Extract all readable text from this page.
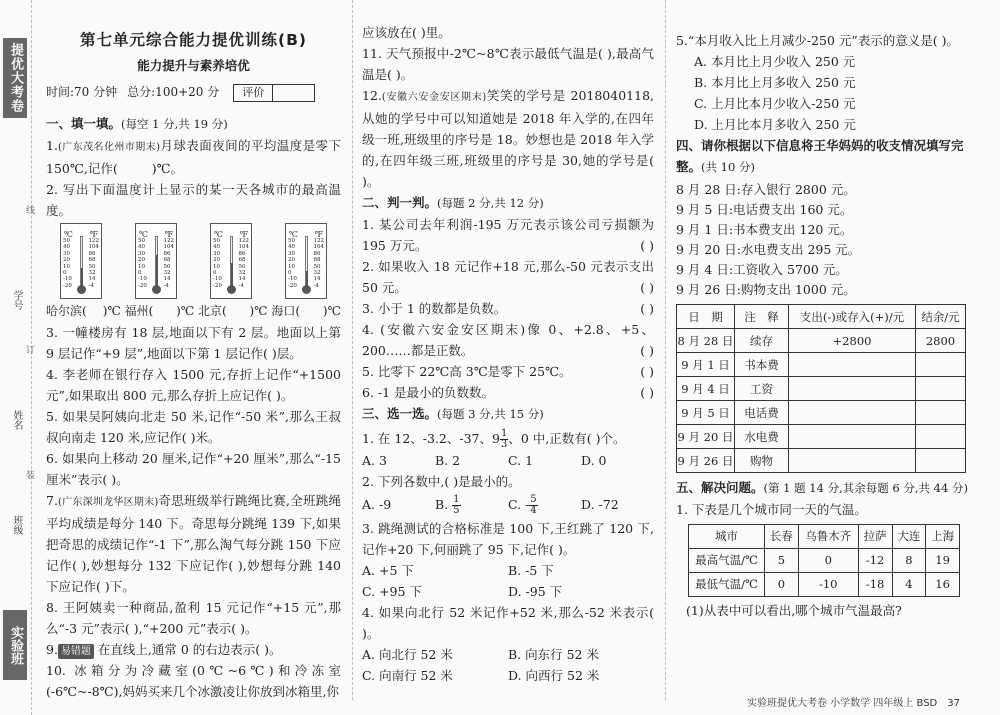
提优大考卷
学号
姓名
班级
线
订
装
实验班
第七单元综合能力提优训练(B)
能力提升与素养培优
时间:70 分钟 总分:100+20 分	评价
一、填一填。(每空 1 分,共 19 分)
1.(广东茂名化州市期末)月球表面夜间的平均温度是零下 150℃,记作(	)℃。
2. 写出下面温度计上显示的某一天各城市的最高温度。
℃ ℉
50
40
30
20
10
0
-10
-20
122
104
86
68
50
32
14
-4
℃ ℉
50
40
30
20
10
0
-10
-20
122
104
86
68
50
32
14
-4
℃ ℉
50
40
30
20
10
0
-10
-20
122
104
86
68
50
32
14
-4
℃ ℉
50
40
30
20
10
0
-10
-20
122
104
86
68
50
32
14
-4
哈尔滨( )℃ 福州( )℃ 北京( )℃ 海口( )℃
3. 一幢楼房有 18 层,地面以下有 2 层。地面以上第 9 层记作“+9 层”,地面以下第 1 层记作( )层。
4. 李老师在银行存入 1500 元,存折上记作“+1500 元”,如果取出 800 元,那么存折上应记作( )。
5. 如果吴阿姨向北走 50 米,记作“-50 米”,那么王叔叔向南走 120 米,应记作( )米。
6. 如果向上移动 20 厘米,记作“+20 厘米”,那么“-15 厘米”表示( )。
7.(广东深圳龙华区期末)奇思班级举行跳绳比赛,全班跳绳平均成绩是每分 140 下。奇思每分跳绳 139 下,如果把奇思的成绩记作“-1 下”,那么淘气每分跳 150 下应记作( ),妙想每分 132 下应记作( ),妙想每分跳 140 下应记作( )下。
8. 王阿姨卖一种商品,盈利 15 元记作“+15 元”,那么“-3 元”表示( ),“+200 元”表示( )。
9. 易错题 在直线上,通常 0 的右边表示( )。
10. 冰箱分为冷藏室(0℃~6℃)和冷冻室(-6℃~-8℃),妈妈买来几个冰激凌让你放到冰箱里,你
应该放在( )里。
11. 天气预报中-2℃~8℃表示最低气温是( ),最高气温是( )。
12.(安徽六安金安区期末)笑笑的学号是 2018040118,从她的学号中可以知道她是 2018 年入学的,在四年级一班,班级里的序号是 18。妙想也是 2018 年入学的,在四年级三班,班级里的序号是 30,她的学号是( )。
二、判一判。(每题 2 分,共 12 分)
1. 某公司去年利润-195 万元表示该公司亏损额为 195 万元。	( )
2. 如果收入 18 元记作+18 元,那么-50 元表示支出 50 元。	( )
3. 小于 1 的数都是负数。	( )
4. (安徽六安金安区期末)像 0、+2.8、+5、200……都是正数。	( )
5. 比零下 22℃高 3℃是零下 25℃。	( )
6. -1 是最小的负数数。	( )
三、选一选。(每题 3 分,共 15 分)
1. 在 12、-3.2、-37、$9 \frac{1}{3}$ 、0 中,正数有( )个。
A. 3	B. 2	C. 1	D. 0
2. 下列各数中,( )是最小的。
A. -9	B. $\frac{1}{5}$	C. - $\frac{5}{4}$	D. -72
3. 跳绳测试的合格标准是 100 下,王红跳了 120 下,记作+20 下,何丽跳了 95 下,记作( )。
A. +5 下	B. -5 下
C. +95 下	D. -95 下
4. 如果向北行 52 米记作+52 米,那么-52 米表示( )。
A. 向北行 52 米	B. 向东行 52 米
C. 向南行 52 米	D. 向西行 52 米
5.“本月收入比上月减少-250 元”表示的意义是( )。
A. 本月比上月少收入 250 元
B. 本月比上月多收入 250 元
C. 上月比本月少收入-250 元
D. 上月比本月多收入 250 元
四、请你根据以下信息将王华妈妈的收支情况填写完整。(共 10 分)
8 月 28 日:存入银行 2800 元。
9 月 5 日:电话费支出 160 元。
9 月 1 日:书本费支出 120 元。
9 月 20 日:水电费支出 295 元。
9 月 4 日:工资收入 5700 元。
9 月 26 日:购物支出 1000 元。
日　期	注　释	支出(-)或存入(+)/元	结余/元
8 月 28 日	续存	+2800	2800
9 月 1 日	书本费		
9 月 4 日	工资		
9 月 5 日	电话费		
9 月 20 日	水电费		
9 月 26 日	购物		
五、解决问题。(第 1 题 14 分,其余每题 6 分,共 44 分)
1. 下表是几个城市同一天的气温。
城市	长春	乌鲁木齐	拉萨	大连	上海
最高气温/℃	5	0	-12	8	19
最低气温/℃	0	-10	-18	4	16
(1)从表中可以看出,哪个城市气温最高?
实验班提优大考卷 小学数学 四年级上 BSD　 37
